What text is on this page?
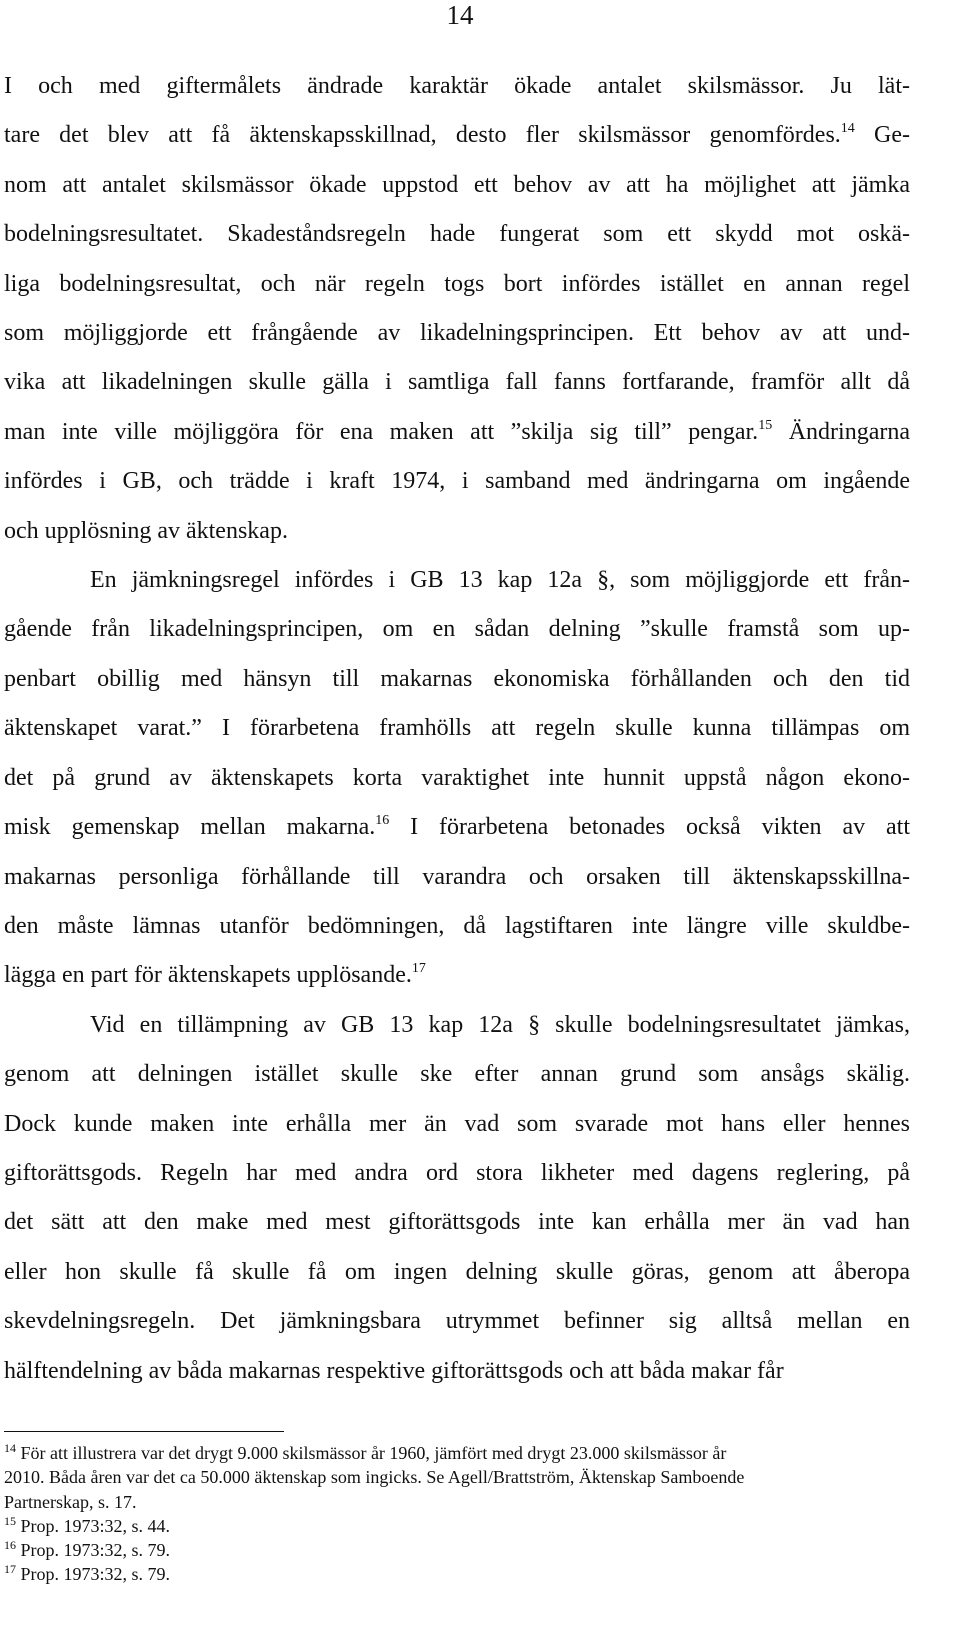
14
I och med giftermålets ändrade karaktär ökade antalet skilsmässor. Ju lät-
tare det blev att få äktenskapsskillnad, desto fler skilsmässor genomfördes.$^{14}$ Ge-
nom att antalet skilsmässor ökade uppstod ett behov av att ha möjlighet att jämka
bodelningsresultatet. Skadeståndsregeln hade fungerat som ett skydd mot oskä-
liga bodelningsresultat, och när regeln togs bort infördes istället en annan regel
som möjliggjorde ett frångående av likadelningsprincipen. Ett behov av att und-
vika att likadelningen skulle gälla i samtliga fall fanns fortfarande, framför allt då
man inte ville möjliggöra för ena maken att ”skilja sig till” pengar.$^{15}$ Ändringarna
infördes i GB, och trädde i kraft 1974, i samband med ändringarna om ingående
och upplösning av äktenskap.
En jämkningsregel infördes i GB 13 kap 12a §, som möjliggjorde ett från-
gående från likadelningsprincipen, om en sådan delning ”skulle framstå som up-
penbart obillig med hänsyn till makarnas ekonomiska förhållanden och den tid
äktenskapet varat.” I förarbetena framhölls att regeln skulle kunna tillämpas om
det på grund av äktenskapets korta varaktighet inte hunnit uppstå någon ekono-
misk gemenskap mellan makarna.$^{16}$ I förarbetena betonades också vikten av att
makarnas personliga förhållande till varandra och orsaken till äktenskapsskillna-
den måste lämnas utanför bedömningen, då lagstiftaren inte längre ville skuldbe-
lägga en part för äktenskapets upplösande.$^{17}$
Vid en tillämpning av GB 13 kap 12a § skulle bodelningsresultatet jämkas,
genom att delningen istället skulle ske efter annan grund som ansågs skälig.
Dock kunde maken inte erhålla mer än vad som svarade mot hans eller hennes
giftorättsgods. Regeln har med andra ord stora likheter med dagens reglering, på
det sätt att den make med mest giftorättsgods inte kan erhålla mer än vad han
eller hon skulle få skulle få om ingen delning skulle göras, genom att åberopa
skevdelningsregeln. Det jämkningsbara utrymmet befinner sig alltså mellan en
hälftendelning av båda makarnas respektive giftorättsgods och att båda makar får
$^{14}$ För att illustrera var det drygt 9.000 skilsmässor år 1960, jämfört med drygt 23.000 skilsmässor år
2010. Båda åren var det ca 50.000 äktenskap som ingicks. Se Agell/Brattström, Äktenskap Samboende
Partnerskap, s. 17.
$^{15}$ Prop. 1973:32, s. 44.
$^{16}$ Prop. 1973:32, s. 79.
$^{17}$ Prop. 1973:32, s. 79.
